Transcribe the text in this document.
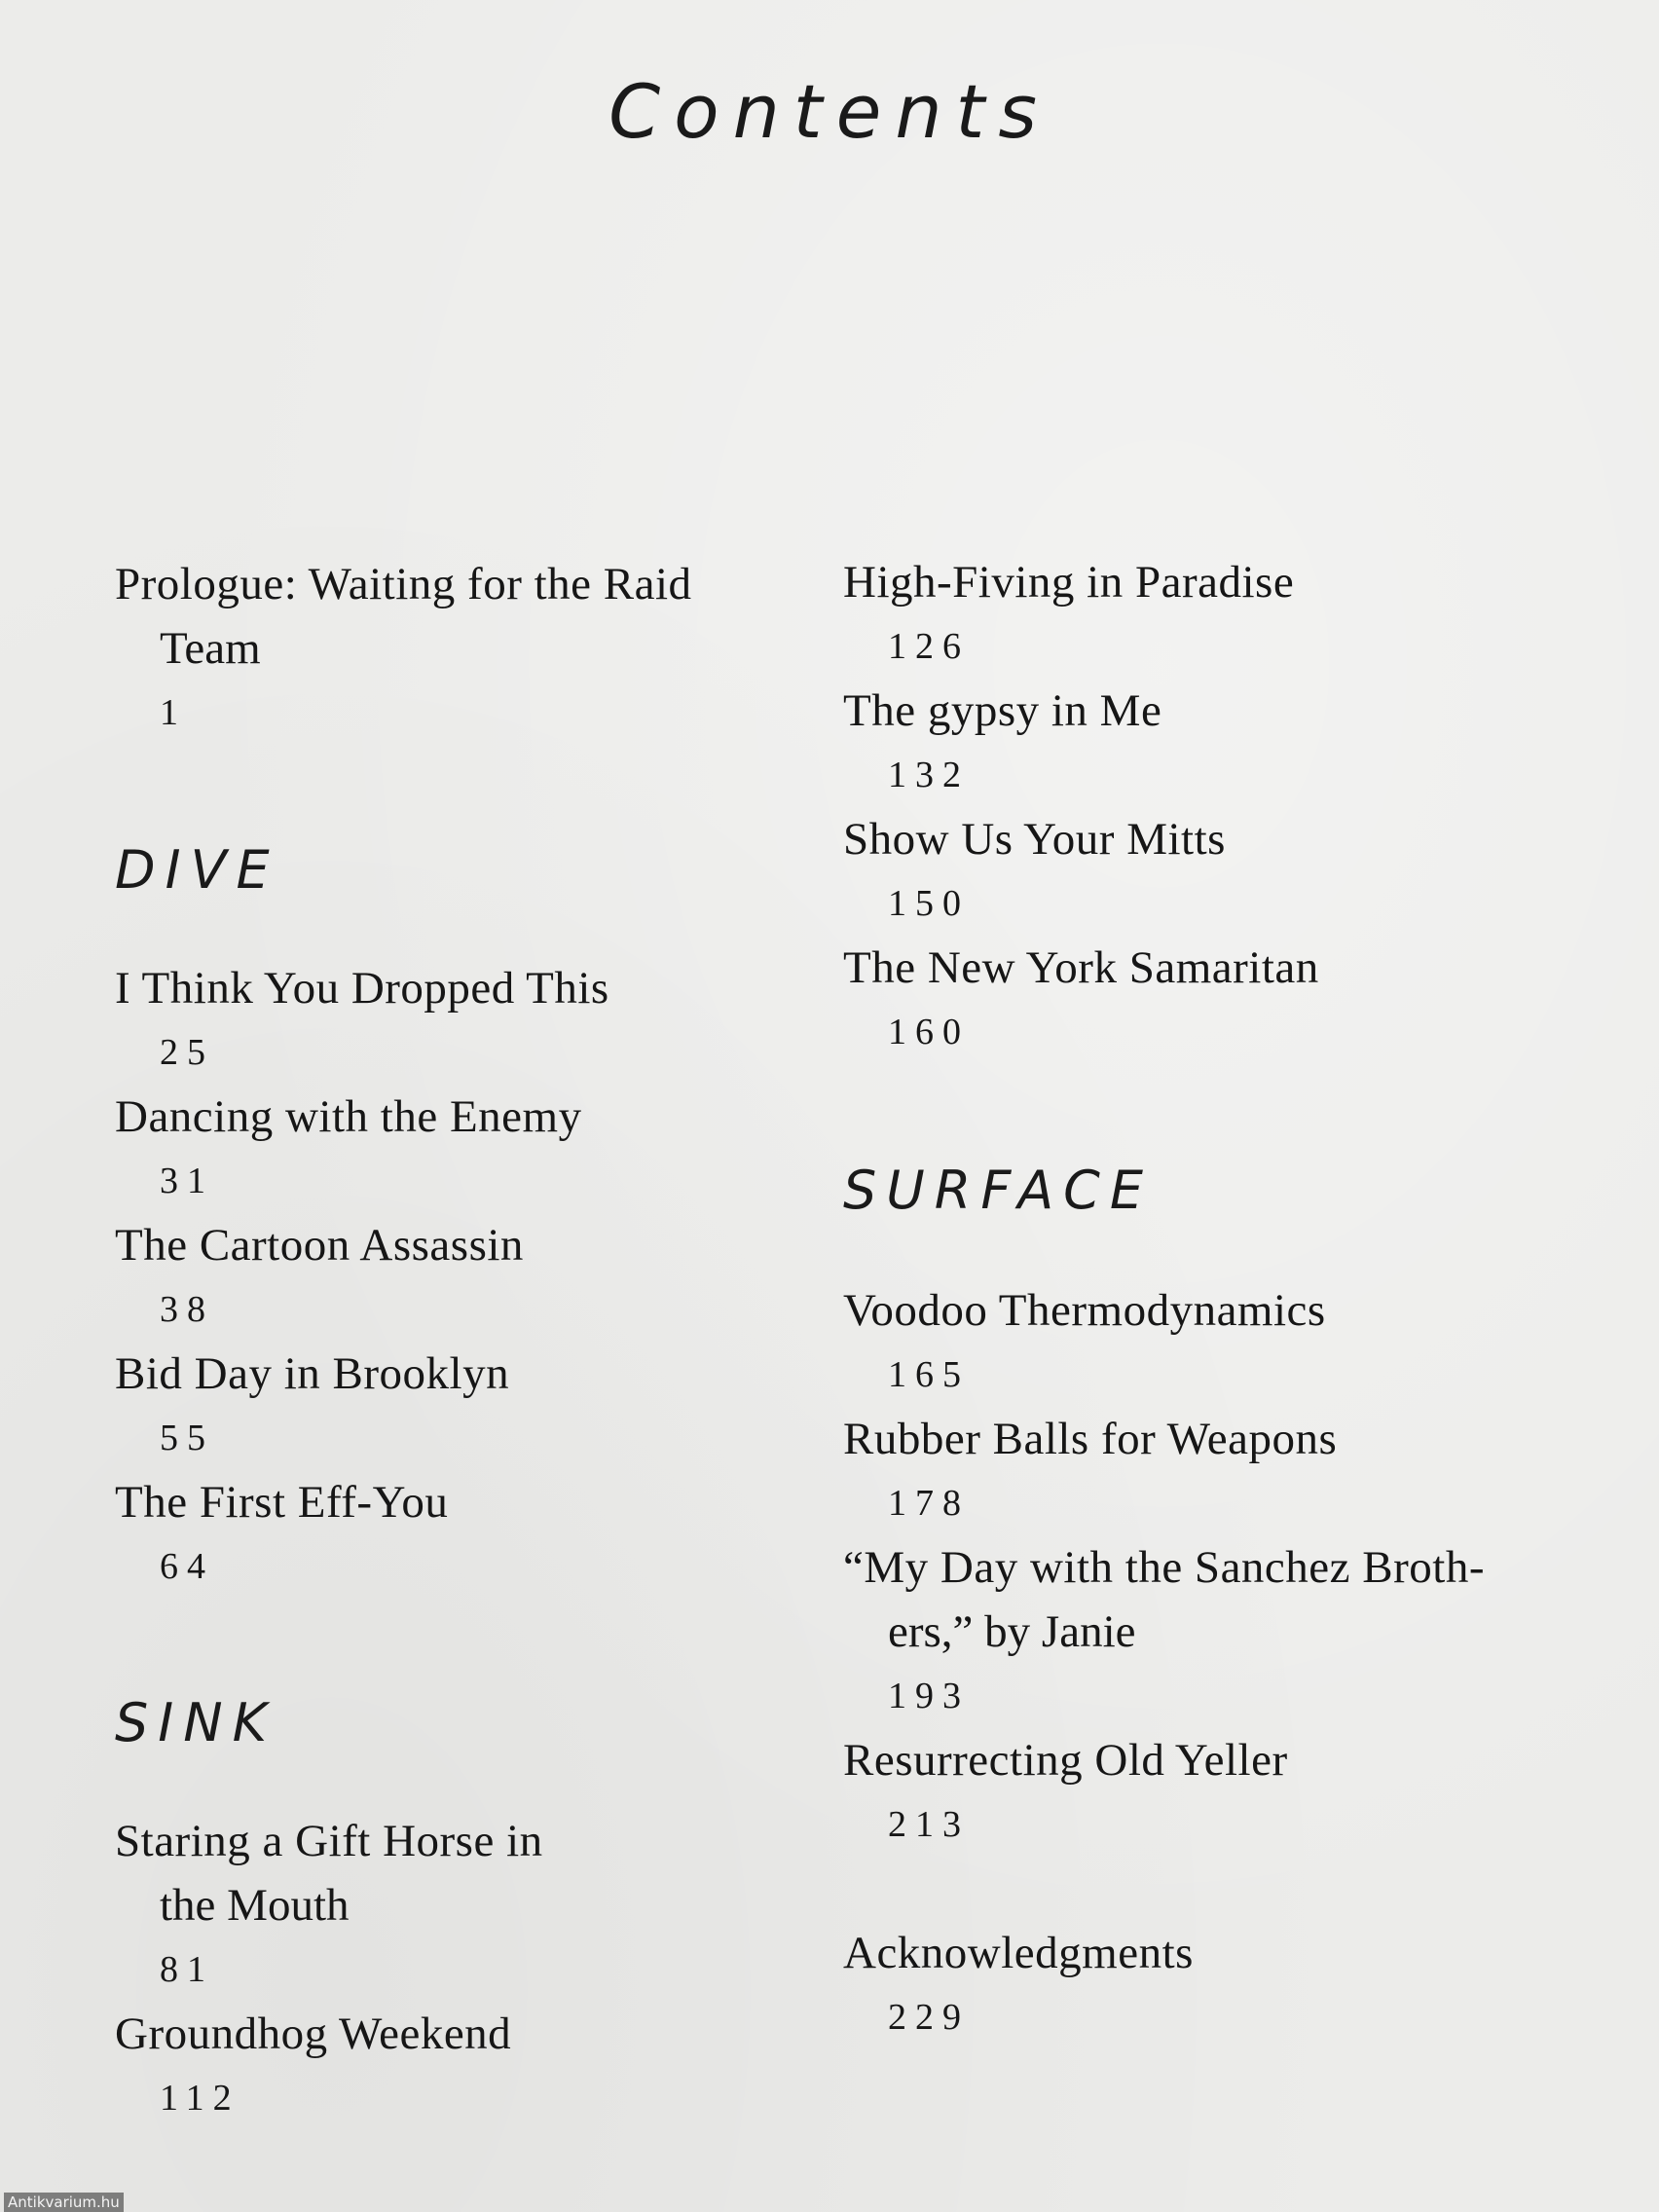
Contents
Prologue: Waiting for the Raid
Team
1
DIVE
I Think You Dropped This
25
Dancing with the Enemy
31
The Cartoon Assassin
38
Bid Day in Brooklyn
55
The First Eff-You
64
SINK
Staring a Gift Horse in
the Mouth
81
Groundhog Weekend
112
High-Fiving in Paradise
126
The gypsy in Me
132
Show Us Your Mitts
150
The New York Samaritan
160
SURFACE
Voodoo Thermodynamics
165
Rubber Balls for Weapons
178
“My Day with the Sanchez Broth-
ers,” by Janie
193
Resurrecting Old Yeller
213
Acknowledgments
229
Antikvarium.hu
